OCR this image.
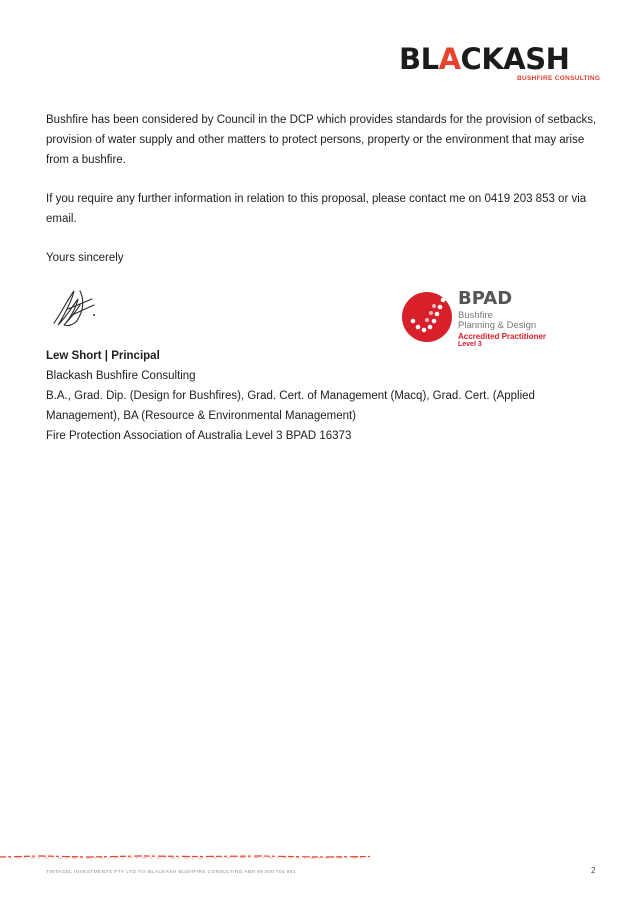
BLACKASH
BUSHFIRE CONSULTING

Bushfire has been considered by Council in the DCP which provides standards for the provision of setbacks, provision of water supply and other matters to protect persons, property or the environment that may arise from a bushfire.

If you require any further information in relation to this proposal, please contact me on 0419 203 853 or via email.

Yours sincerely

BPAD
Bushfire
Planning & Design
Accredited Practitioner
Level 3
Lew Short | Principal
Blackash Bushfire Consulting
B.A., Grad. Dip. (Design for Bushfires), Grad. Cert. of Management (Macq), Grad. Cert. (Applied
Management), BA (Resource & Environmental Management)
Fire Protection Association of Australia Level 3 BPAD 16373
TINTAGEL INVESTMENTS PTY LTD T/A BLACKASH BUSHFIRE CONSULTING ABN 99 000 704 881	2
